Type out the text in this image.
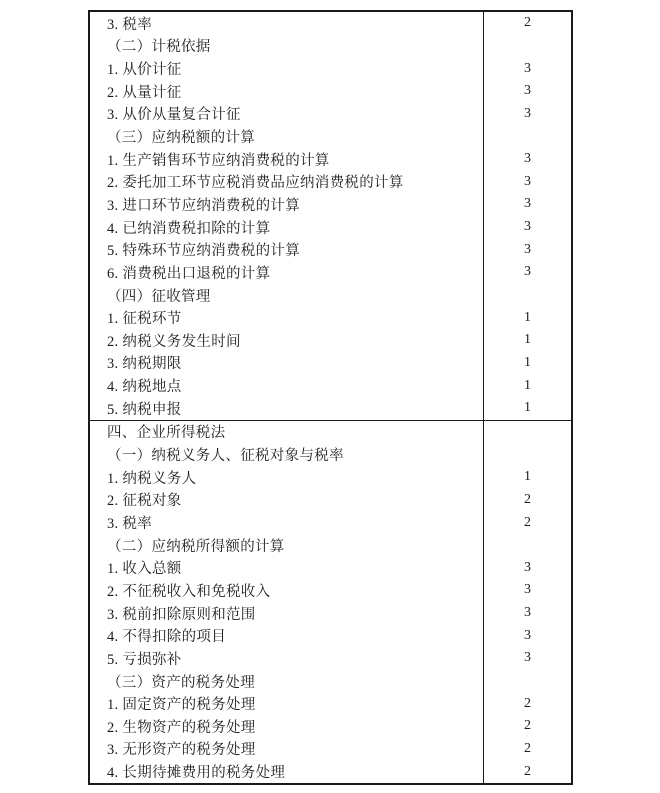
3. 税率	2
（二）计税依据
1. 从价计征	3
2. 从量计征	3
3. 从价从量复合计征	3
（三）应纳税额的计算
1. 生产销售环节应纳消费税的计算	3
2. 委托加工环节应税消费品应纳消费税的计算	3
3. 进口环节应纳消费税的计算	3
4. 已纳消费税扣除的计算	3
5. 特殊环节应纳消费税的计算	3
6. 消费税出口退税的计算	3
（四）征收管理
1. 征税环节	1
2. 纳税义务发生时间	1
3. 纳税期限	1
4. 纳税地点	1
5. 纳税申报	1
四、企业所得税法
（一）纳税义务人、征税对象与税率
1. 纳税义务人	1
2. 征税对象	2
3. 税率	2
（二）应纳税所得额的计算
1. 收入总额	3
2. 不征税收入和免税收入	3
3. 税前扣除原则和范围	3
4. 不得扣除的项目	3
5. 亏损弥补	3
（三）资产的税务处理
1. 固定资产的税务处理	2
2. 生物资产的税务处理	2
3. 无形资产的税务处理	2
4. 长期待摊费用的税务处理	2
